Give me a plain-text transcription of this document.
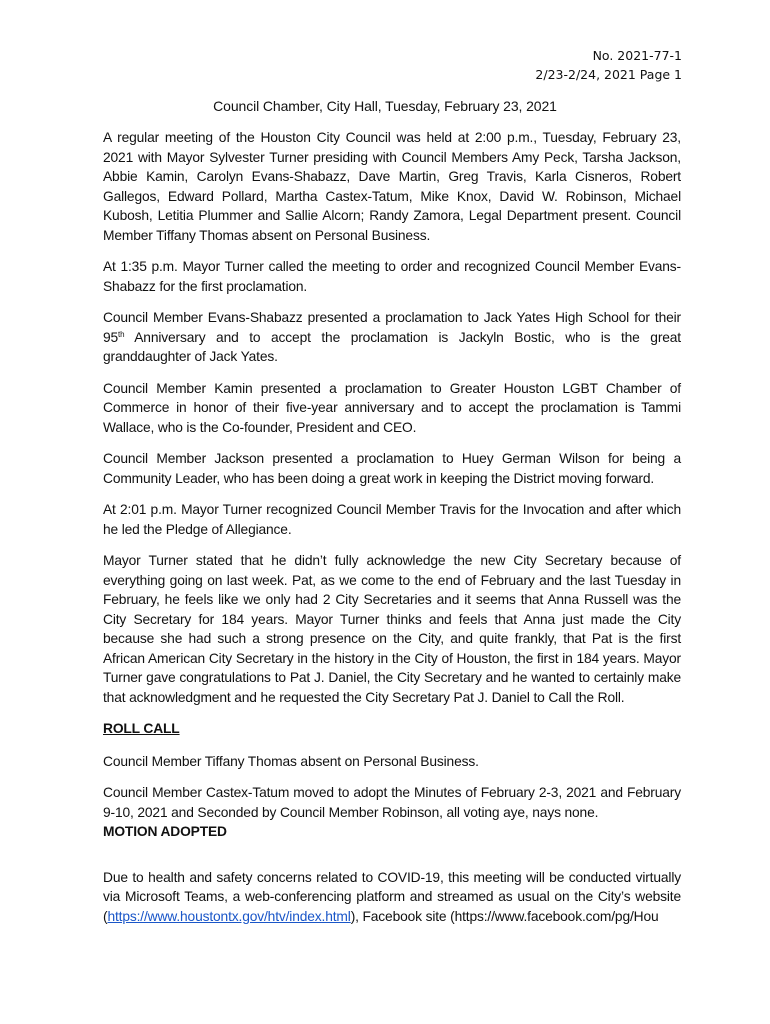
No. 2021-77-1
2/23-2/24, 2021 Page 1
Council Chamber, City Hall, Tuesday, February 23, 2021

A regular meeting of the Houston City Council was held at 2:00 p.m., Tuesday, February 23, 2021 with Mayor Sylvester Turner presiding with Council Members Amy Peck, Tarsha Jackson, Abbie Kamin, Carolyn Evans-Shabazz, Dave Martin, Greg Travis, Karla Cisneros, Robert Gallegos, Edward Pollard, Martha Castex-Tatum, Mike Knox, David W. Robinson, Michael Kubosh, Letitia Plummer and Sallie Alcorn; Randy Zamora, Legal Department present. Council Member Tiffany Thomas absent on Personal Business.

At 1:35 p.m. Mayor Turner called the meeting to order and recognized Council Member Evans-Shabazz for the first proclamation.

Council Member Evans-Shabazz presented a proclamation to Jack Yates High School for their 95th Anniversary and to accept the proclamation is Jackyln Bostic, who is the great granddaughter of Jack Yates.

Council Member Kamin presented a proclamation to Greater Houston LGBT Chamber of Commerce in honor of their five-year anniversary and to accept the proclamation is Tammi Wallace, who is the Co-founder, President and CEO.

Council Member Jackson presented a proclamation to Huey German Wilson for being a Community Leader, who has been doing a great work in keeping the District moving forward.

At 2:01 p.m. Mayor Turner recognized Council Member Travis for the Invocation and after which he led the Pledge of Allegiance.

Mayor Turner stated that he didn’t fully acknowledge the new City Secretary because of everything going on last week. Pat, as we come to the end of February and the last Tuesday in February, he feels like we only had 2 City Secretaries and it seems that Anna Russell was the City Secretary for 184 years. Mayor Turner thinks and feels that Anna just made the City because she had such a strong presence on the City, and quite frankly, that Pat is the first African American City Secretary in the history in the City of Houston, the first in 184 years. Mayor Turner gave congratulations to Pat J. Daniel, the City Secretary and he wanted to certainly make that acknowledgment and he requested the City Secretary Pat J. Daniel to Call the Roll.

ROLL CALL

Council Member Tiffany Thomas absent on Personal Business.

Council Member Castex-Tatum moved to adopt the Minutes of February 2-3, 2021 and February 9-10, 2021 and Seconded by Council Member Robinson, all voting aye, nays none.

MOTION ADOPTED

Due to health and safety concerns related to COVID-19, this meeting will be conducted virtually via Microsoft Teams, a web-conferencing platform and streamed as usual on the City’s website (https://www.houstontx.gov/htv/index.html), Facebook site (https://www.facebook.com/pg/Hou
